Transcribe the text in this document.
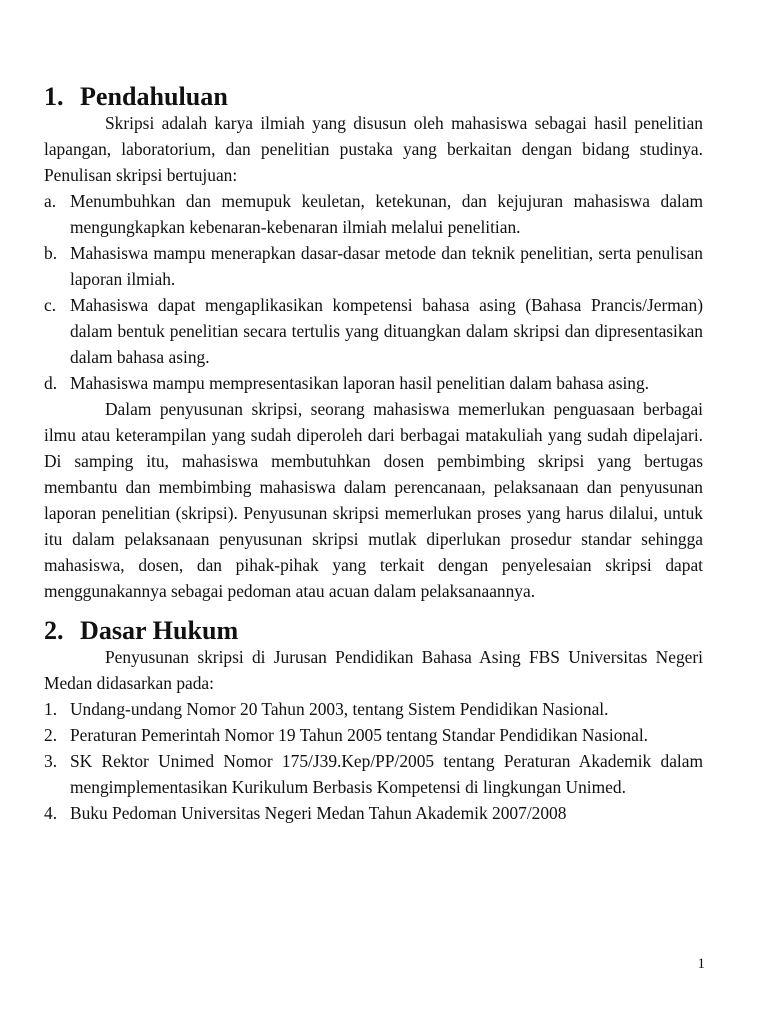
1. Pendahuluan

Skripsi adalah karya ilmiah yang disusun oleh mahasiswa sebagai hasil penelitian lapangan, laboratorium, dan penelitian pustaka yang berkaitan dengan bidang studinya. Penulisan skripsi bertujuan:

a. Menumbuhkan dan memupuk keuletan, ketekunan, dan kejujuran mahasiswa dalam mengungkapkan kebenaran-kebenaran ilmiah melalui penelitian.
b. Mahasiswa mampu menerapkan dasar-dasar metode dan teknik penelitian, serta penulisan laporan ilmiah.
c. Mahasiswa dapat mengaplikasikan kompetensi bahasa asing (Bahasa Prancis/Jerman) dalam bentuk penelitian secara tertulis yang dituangkan dalam skripsi dan dipresentasikan dalam bahasa asing.
d. Mahasiswa mampu mempresentasikan laporan hasil penelitian dalam bahasa asing.

Dalam penyusunan skripsi, seorang mahasiswa memerlukan penguasaan berbagai ilmu atau keterampilan yang sudah diperoleh dari berbagai matakuliah yang sudah dipelajari. Di samping itu, mahasiswa membutuhkan dosen pembimbing skripsi yang bertugas membantu dan membimbing mahasiswa dalam perencanaan, pelaksanaan dan penyusunan laporan penelitian (skripsi). Penyusunan skripsi memerlukan proses yang harus dilalui, untuk itu dalam pelaksanaan penyusunan skripsi mutlak diperlukan prosedur standar sehingga mahasiswa, dosen, dan pihak-pihak yang terkait dengan penyelesaian skripsi dapat menggunakannya sebagai pedoman atau acuan dalam pelaksanaannya.

2. Dasar Hukum

Penyusunan skripsi di Jurusan Pendidikan Bahasa Asing FBS Universitas Negeri Medan didasarkan pada:

1. Undang-undang Nomor 20 Tahun 2003, tentang Sistem Pendidikan Nasional.
2. Peraturan Pemerintah Nomor 19 Tahun 2005 tentang Standar Pendidikan Nasional.
3. SK Rektor Unimed Nomor 175/J39.Kep/PP/2005 tentang Peraturan Akademik dalam mengimplementasikan Kurikulum Berbasis Kompetensi di lingkungan Unimed.
4. Buku Pedoman Universitas Negeri Medan Tahun Akademik 2007/2008
1
